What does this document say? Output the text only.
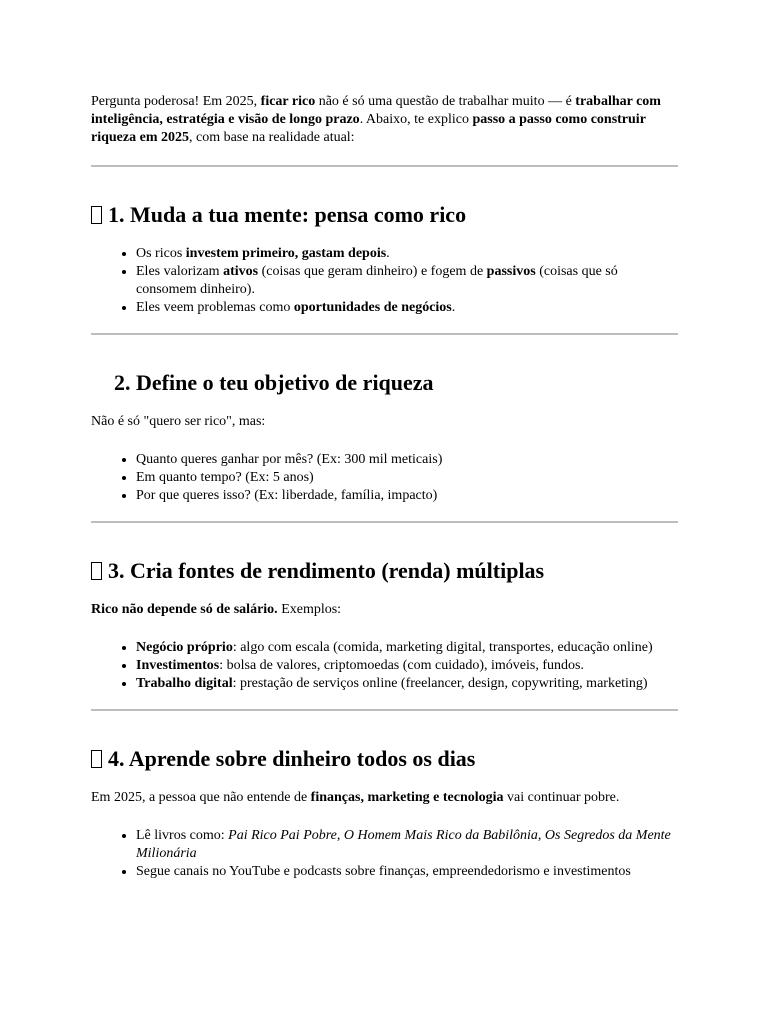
Pergunta poderosa! Em 2025, ficar rico não é só uma questão de trabalhar muito — é trabalhar com inteligência, estratégia e visão de longo prazo. Abaixo, te explico passo a passo como construir riqueza em 2025, com base na realidade atual:

1. Muda a tua mente: pensa como rico
• Os ricos investem primeiro, gastam depois.
• Eles valorizam ativos (coisas que geram dinheiro) e fogem de passivos (coisas que só consomem dinheiro).
• Eles veem problemas como oportunidades de negócios.
2. Define o teu objetivo de riqueza

Não é só "quero ser rico", mas:

• Quanto queres ganhar por mês? (Ex: 300 mil meticais)
• Em quanto tempo? (Ex: 5 anos)
• Por que queres isso? (Ex: liberdade, família, impacto)
3. Cria fontes de rendimento (renda) múltiplas

Rico não depende só de salário. Exemplos:

• Negócio próprio: algo com escala (comida, marketing digital, transportes, educação online)
• Investimentos: bolsa de valores, criptomoedas (com cuidado), imóveis, fundos.
• Trabalho digital: prestação de serviços online (freelancer, design, copywriting, marketing)
4. Aprende sobre dinheiro todos os dias

Em 2025, a pessoa que não entende de finanças, marketing e tecnologia vai continuar pobre.

• Lê livros como: Pai Rico Pai Pobre, O Homem Mais Rico da Babilônia, Os Segredos da Mente Milionária
• Segue canais no YouTube e podcasts sobre finanças, empreendedorismo e investimentos
